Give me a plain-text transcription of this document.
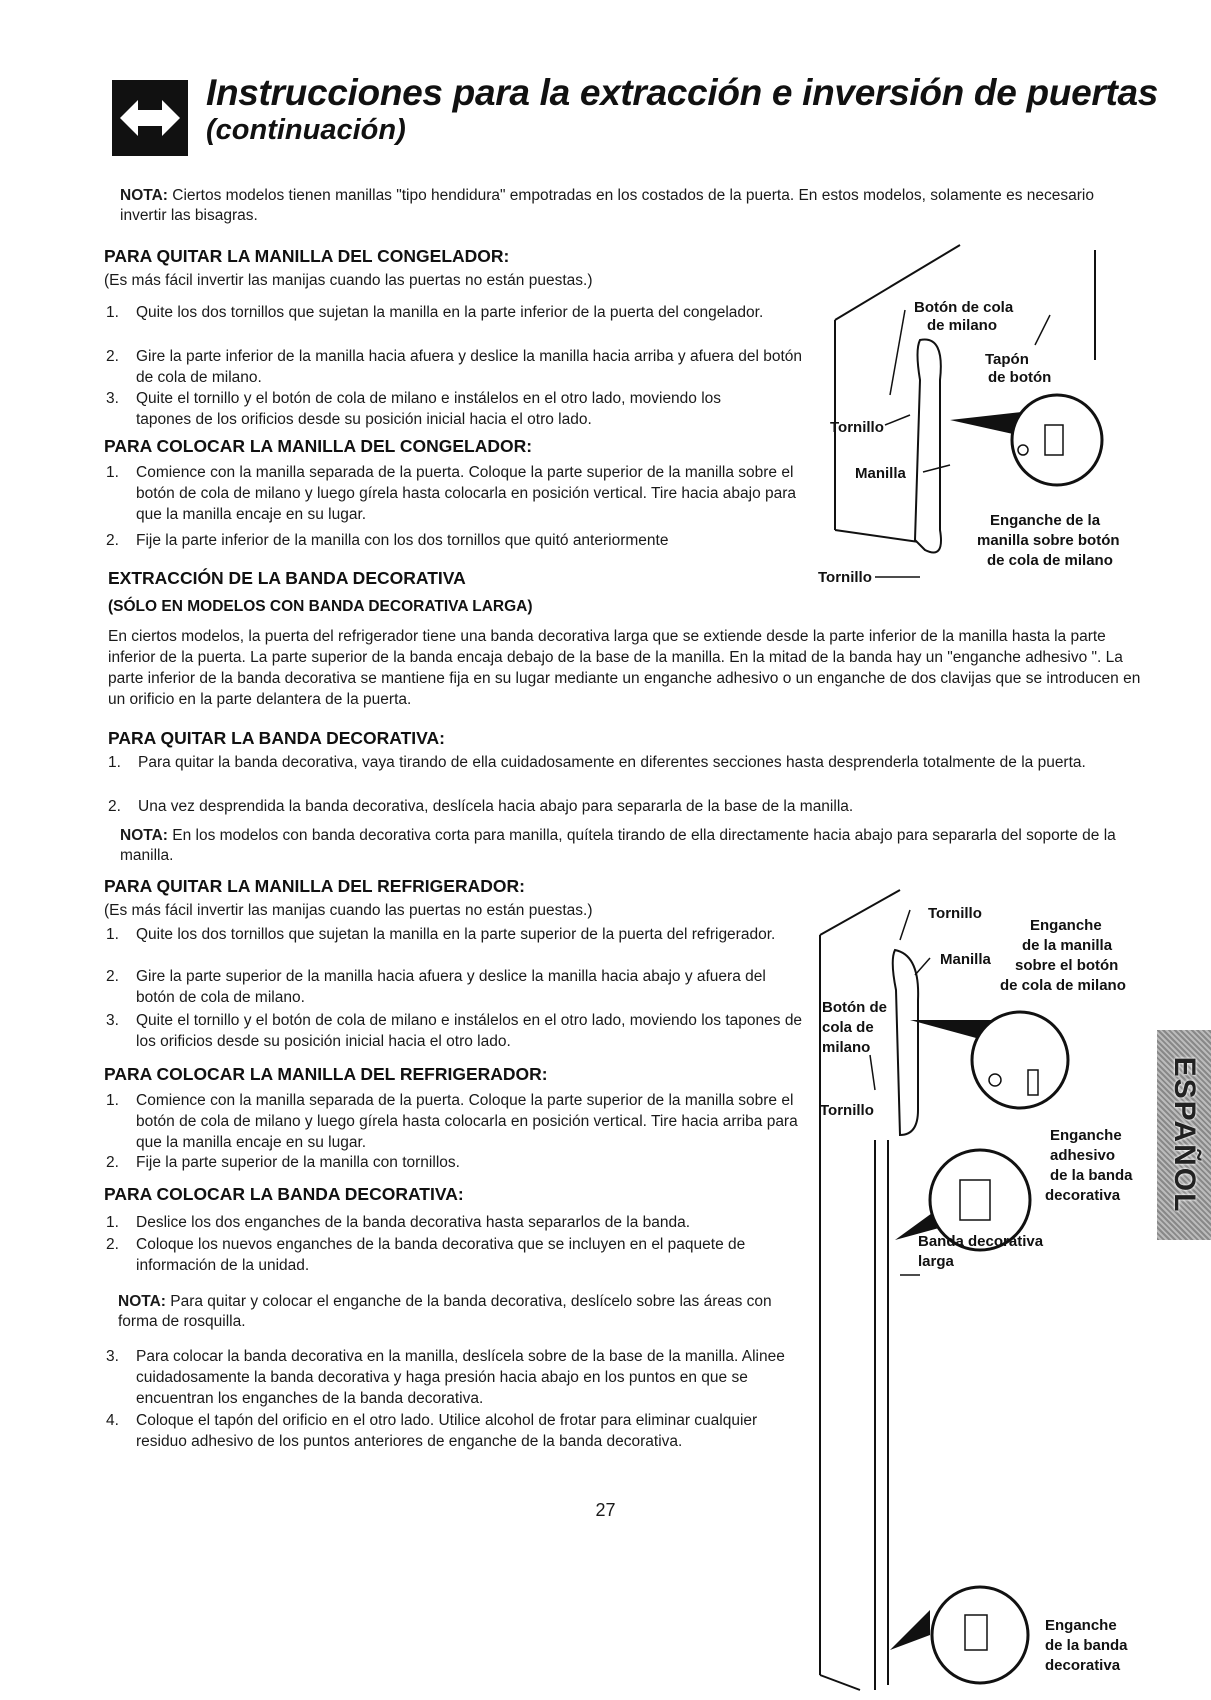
Instrucciones para la extracción e inversión de puertas
(continuación)
NOTA: Ciertos modelos tienen manillas "tipo hendidura" empotradas en los costados de la puerta. En estos modelos, solamente es necesario invertir las bisagras.
PARA QUITAR LA MANILLA DEL CONGELADOR:
(Es más fácil invertir las manijas cuando las puertas no están puestas.)
1. Quite los dos tornillos que sujetan la manilla en la parte inferior de la puerta del congelador.
2. Gire la parte inferior de la manilla hacia afuera y deslice la manilla hacia arriba y afuera del botón de cola de milano.
3. Quite el tornillo y el botón de cola de milano e instálelos en el otro lado, moviendo los tapones de los orificios desde su posición inicial hacia el otro lado.
PARA COLOCAR LA MANILLA DEL CONGELADOR:
1. Comience con la manilla separada de la puerta. Coloque la parte superior de la manilla sobre el botón de cola de milano y luego gírela hasta colocarla en posición vertical. Tire hacia abajo para que la manilla encaje en su lugar.
2. Fije la parte inferior de la manilla con los dos tornillos que quitó anteriormente
EXTRACCIÓN DE LA BANDA DECORATIVA
(SÓLO EN MODELOS CON BANDA DECORATIVA LARGA)
En ciertos modelos, la puerta del refrigerador tiene una banda decorativa larga que se extiende desde la parte inferior de la manilla hasta la parte inferior de la puerta. La parte superior de la banda encaja debajo de la base de la manilla. En la mitad de la banda hay un "enganche adhesivo ". La parte inferior de la banda decorativa se mantiene fija en su lugar mediante un enganche adhesivo o un enganche de dos clavijas que se introducen en un orificio en la parte delantera de la puerta.
PARA QUITAR LA BANDA DECORATIVA:
1. Para quitar la banda decorativa, vaya tirando de ella cuidadosamente en diferentes secciones hasta desprenderla totalmente de la puerta.
2. Una vez desprendida la banda decorativa, deslícela hacia abajo para separarla de la base de la manilla.
NOTA: En los modelos con banda decorativa corta para manilla, quítela tirando de ella directamente hacia abajo para separarla del soporte de la manilla.
PARA QUITAR LA MANILLA DEL REFRIGERADOR:
(Es más fácil invertir las manijas cuando las puertas no están puestas.)
1. Quite los dos tornillos que sujetan la manilla en la parte superior de la puerta del refrigerador.
2. Gire la parte superior de la manilla hacia afuera y deslice la manilla hacia abajo y afuera del botón de cola de milano.
3. Quite el tornillo y el botón de cola de milano e instálelos en el otro lado, moviendo los tapones de los orificios desde su posición inicial hacia el otro lado.
PARA COLOCAR LA MANILLA DEL REFRIGERADOR:
1. Comience con la manilla separada de la puerta. Coloque la parte superior de la manilla sobre el botón de cola de milano y luego gírela hasta colocarla en posición vertical. Tire hacia arriba para que la manilla encaje en su lugar.
2. Fije la parte superior de la manilla con tornillos.
PARA COLOCAR LA BANDA DECORATIVA:
1. Deslice los dos enganches de la banda decorativa hasta separarlos de la banda.
2. Coloque los nuevos enganches de la banda decorativa que se incluyen en el paquete de información de la unidad.
NOTA: Para quitar y colocar el enganche de la banda decorativa, deslícelo sobre las áreas con forma de rosquilla.
3. Para colocar la banda decorativa en la manilla, deslícela sobre de la base de la manilla. Alinee cuidadosamente la banda decorativa y haga presión hacia abajo en los puntos en que se encuentran los enganches de la banda decorativa.
4. Coloque el tapón del orificio en el otro lado. Utilice alcohol de frotar para eliminar cualquier residuo adhesivo de los puntos anteriores de enganche de la banda decorativa.
Botón de cola
de milano
Tapón
de botón
Tornillo
Manilla
Enganche de la
manilla sobre botón
de cola de milano
Tornillo
Tornillo
Enganche
de la manilla
sobre el botón
de cola de milano
Manilla
Botón de
cola de
milano
Tornillo
Enganche
adhesivo
de la banda
decorativa
Banda decorativa
larga
Enganche
de la banda
decorativa
ESPAÑOL
27
